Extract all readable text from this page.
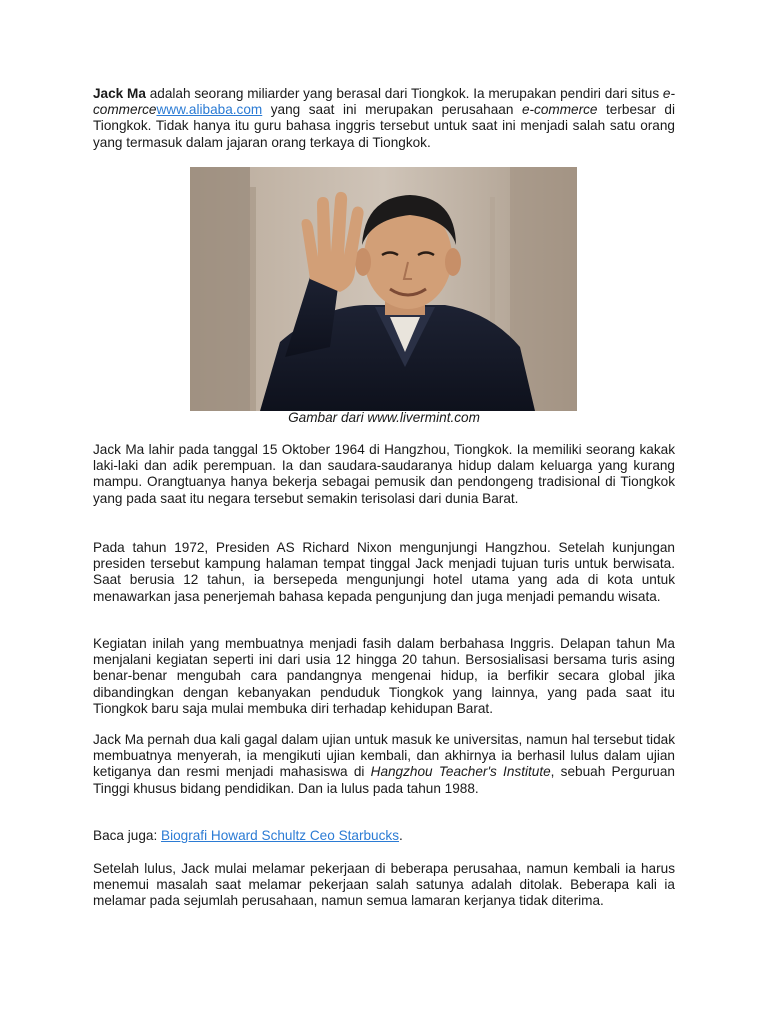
Jack Ma adalah seorang miliarder yang berasal dari Tiongkok. Ia merupakan pendiri dari situs e-commercewww.alibaba.com yang saat ini merupakan perusahaan e-commerce terbesar di Tiongkok. Tidak hanya itu guru bahasa inggris tersebut untuk saat ini menjadi salah satu orang yang termasuk dalam jajaran orang terkaya di Tiongkok.

Gambar dari www.livermint.com

Jack Ma lahir pada tanggal 15 Oktober 1964 di Hangzhou, Tiongkok. Ia memiliki seorang kakak laki-laki dan adik perempuan. Ia dan saudara-saudaranya hidup dalam keluarga yang kurang mampu. Orangtuanya hanya bekerja sebagai pemusik dan pendongeng tradisional di Tiongkok yang pada saat itu negara tersebut semakin terisolasi dari dunia Barat.

Pada tahun 1972, Presiden AS Richard Nixon mengunjungi Hangzhou. Setelah kunjungan presiden tersebut kampung halaman tempat tinggal Jack menjadi tujuan turis untuk berwisata. Saat berusia 12 tahun, ia bersepeda mengunjungi hotel utama yang ada di kota untuk menawarkan jasa penerjemah bahasa kepada pengunjung dan juga menjadi pemandu wisata.

Kegiatan inilah yang membuatnya menjadi fasih dalam berbahasa Inggris. Delapan tahun Ma menjalani kegiatan seperti ini dari usia 12 hingga 20 tahun. Bersosialisasi bersama turis asing benar-benar mengubah cara pandangnya mengenai hidup, ia berfikir secara global jika dibandingkan dengan kebanyakan penduduk Tiongkok yang lainnya, yang pada saat itu Tiongkok baru saja mulai membuka diri terhadap kehidupan Barat.

Jack Ma pernah dua kali gagal dalam ujian untuk masuk ke universitas, namun hal tersebut tidak membuatnya menyerah, ia mengikuti ujian kembali, dan akhirnya ia berhasil lulus dalam ujian ketiganya dan resmi menjadi mahasiswa di Hangzhou Teacher's Institute, sebuah Perguruan Tinggi khusus bidang pendidikan. Dan ia lulus pada tahun 1988.

Baca juga: Biografi Howard Schultz Ceo Starbucks.

Setelah lulus, Jack mulai melamar pekerjaan di beberapa perusahaa, namun kembali ia harus menemui masalah saat melamar pekerjaan salah satunya adalah ditolak. Beberapa kali ia melamar pada sejumlah perusahaan, namun semua lamaran kerjanya tidak diterima.
